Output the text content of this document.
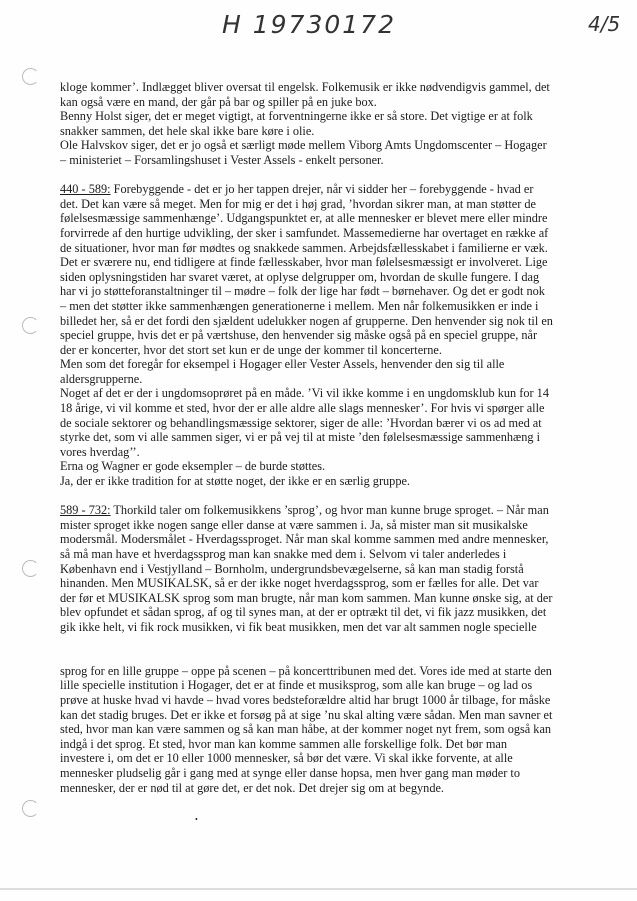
H 19730172	4/5

kloge kommer’. Indlægget bliver oversat til engelsk. Folkemusik er ikke nødvendigvis gammel, det

kan også være en mand, der går på bar og spiller på en juke box.

Benny Holst siger, det er meget vigtigt, at forventningerne ikke er så store. Det vigtige er at folk

snakker sammen, det hele skal ikke bare køre i olie.

Ole Halvskov siger, det er jo også et særligt møde mellem Viborg Amts Ungdomscenter – Hogager

– ministeriet – Forsamlingshuset i Vester Assels - enkelt personer.

440 - 589: Forebyggende - det er jo her tappen drejer, når vi sidder her – forebyggende - hvad er

det. Det kan være så meget. Men for mig er det i høj grad, ’hvordan sikrer man, at man støtter de

følelsesmæssige sammenhænge’. Udgangspunktet er, at alle mennesker er blevet mere eller mindre

forvirrede af den hurtige udvikling, der sker i samfundet. Massemedierne har overtaget en række af

de situationer, hvor man før mødtes og snakkede sammen. Arbejdsfællesskabet i familierne er væk.

Det er sværere nu, end tidligere at finde fællesskaber, hvor man følelsesmæssigt er involveret. Lige

siden oplysningstiden har svaret været, at oplyse delgrupper om, hvordan de skulle fungere. I dag

har vi jo støtteforanstaltninger til – mødre – folk der lige har født – børnehaver. Og det er godt nok

– men det støtter ikke sammenhængen generationerne i mellem. Men når folkemusikken er inde i

billedet her, så er det fordi den sjældent udelukker nogen af grupperne. Den henvender sig nok til en

speciel gruppe, hvis det er på værtshuse, den henvender sig måske også på en speciel gruppe, når

der er koncerter, hvor det stort set kun er de unge der kommer til koncerterne.

Men som det foregår for eksempel i Hogager eller Vester Assels, henvender den sig til alle

aldersgrupperne.

Noget af det er der i ungdomsoprøret på en måde. ’Vi vil ikke komme i en ungdomsklub kun for 14

18 årige, vi vil komme et sted, hvor der er alle aldre alle slags mennesker’. For hvis vi spørger alle

de sociale sektorer og behandlingsmæssige sektorer, siger de alle: ’Hvordan bærer vi os ad med at

styrke det, som vi alle sammen siger, vi er på vej til at miste ’den følelsesmæssige sammenhæng i

vores hverdag’’.

Erna og Wagner er gode eksempler – de burde støttes.

Ja, der er ikke tradition for at støtte noget, der ikke er en særlig gruppe.

589 - 732: Thorkild taler om folkemusikkens ’sprog’, og hvor man kunne bruge sproget. – Når man

mister sproget ikke nogen sange eller danse at være sammen i. Ja, så mister man sit musikalske

modersmål. Modersmålet - Hverdagssproget. Når man skal komme sammen med andre mennesker,

så må man have et hverdagssprog man kan snakke med dem i. Selvom vi taler anderledes i

København end i Vestjylland – Bornholm, undergrundsbevægelserne, så kan man stadig forstå

hinanden. Men MUSIKALSK, så er der ikke noget hverdagssprog, som er fælles for alle. Det var

der før et MUSIKALSK sprog som man brugte, når man kom sammen. Man kunne ønske sig, at der

blev opfundet et sådan sprog, af og til synes man, at der er optrækt til det, vi fik jazz musikken, det

gik ikke helt, vi fik rock musikken, vi fik beat musikken, men det var alt sammen nogle specielle

sprog for en lille gruppe – oppe på scenen – på koncerttribunen med det. Vores ide med at starte den

lille specielle institution i Hogager, det er at finde et musiksprog, som alle kan bruge – og lad os

prøve at huske hvad vi havde – hvad vores bedsteforældre altid har brugt 1000 år tilbage, for måske

kan det stadig bruges. Det er ikke et forsøg på at sige ’nu skal alting være sådan. Men man savner et

sted, hvor man kan være sammen og så kan man håbe, at der kommer noget nyt frem, som også kan

indgå i det sprog. Et sted, hvor man kan komme sammen alle forskellige folk. Det bør man

investere i, om det er 10 eller 1000 mennesker, så bør det være. Vi skal ikke forvente, at alle

mennesker pludselig går i gang med at synge eller danse hopsa, men hver gang man møder to

mennesker, der er nød til at gøre det, er det nok. Det drejer sig om at begynde.

•
